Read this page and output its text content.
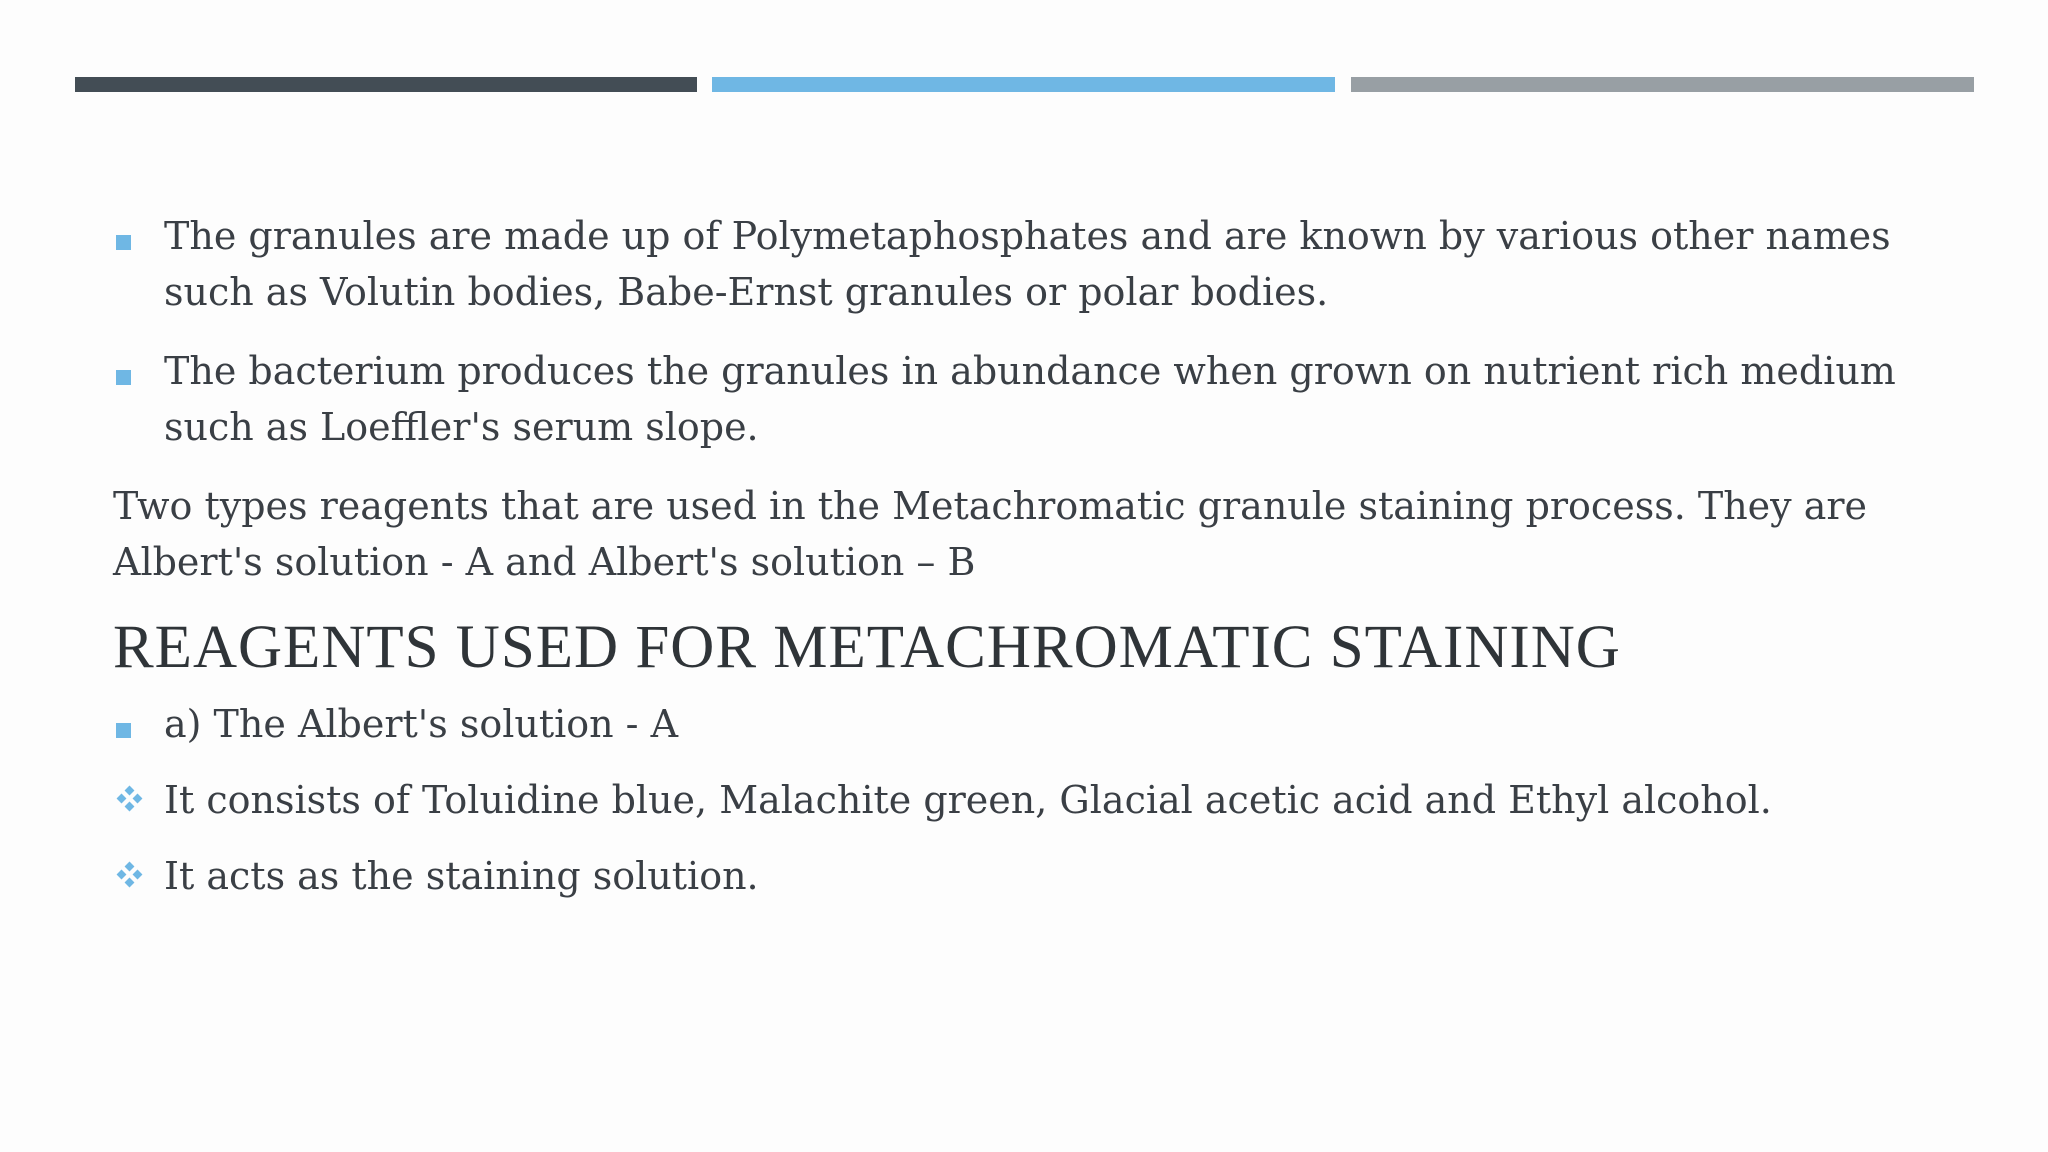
The granules are made up of Polymetaphosphates and are known by various other names such as Volutin bodies, Babe-Ernst granules or polar bodies.
The bacterium produces the granules in abundance when grown on nutrient rich medium such as Loeffler's serum slope.
Two types reagents that are used in the Metachromatic granule staining process. They are Albert's solution - A and Albert's solution – B
REAGENTS USED FOR METACHROMATIC STAINING
a) The Albert's solution - A
It consists of Toluidine blue, Malachite green, Glacial acetic acid and Ethyl alcohol.
It acts as the staining solution.
